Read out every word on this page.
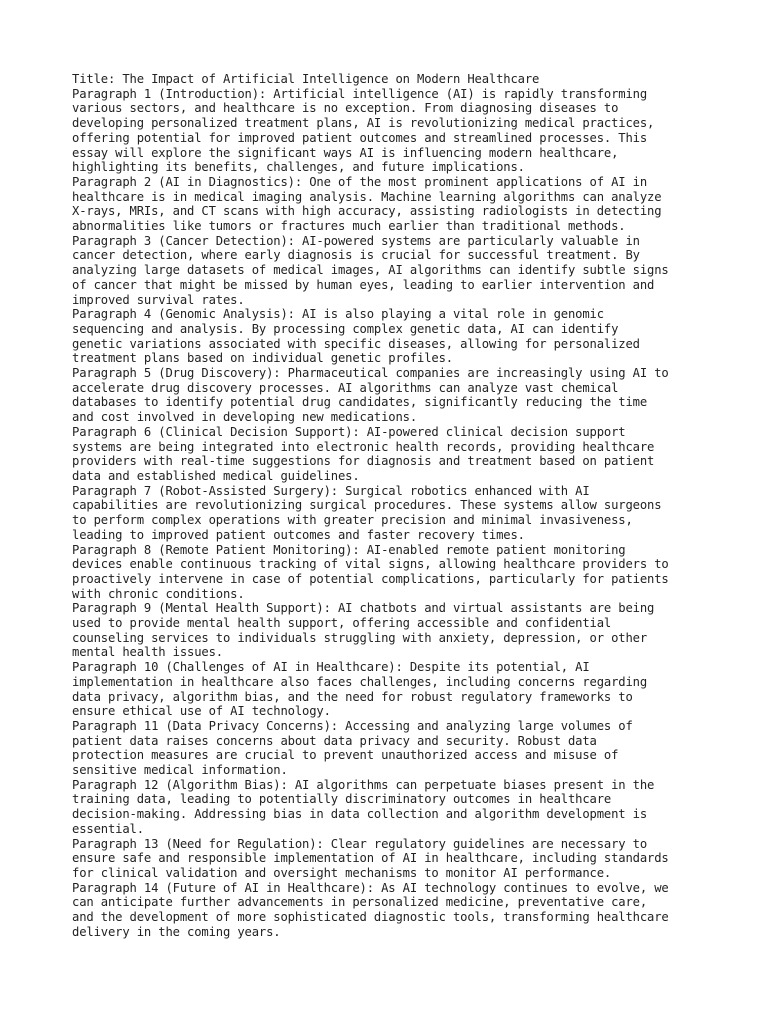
Title: The Impact of Artificial Intelligence on Modern Healthcare
Paragraph 1 (Introduction): Artificial intelligence (AI) is rapidly transforming
various sectors, and healthcare is no exception. From diagnosing diseases to
developing personalized treatment plans, AI is revolutionizing medical practices,
offering potential for improved patient outcomes and streamlined processes. This
essay will explore the significant ways AI is influencing modern healthcare,
highlighting its benefits, challenges, and future implications.
Paragraph 2 (AI in Diagnostics): One of the most prominent applications of AI in
healthcare is in medical imaging analysis. Machine learning algorithms can analyze
X-rays, MRIs, and CT scans with high accuracy, assisting radiologists in detecting
abnormalities like tumors or fractures much earlier than traditional methods.
Paragraph 3 (Cancer Detection): AI-powered systems are particularly valuable in
cancer detection, where early diagnosis is crucial for successful treatment. By
analyzing large datasets of medical images, AI algorithms can identify subtle signs
of cancer that might be missed by human eyes, leading to earlier intervention and
improved survival rates.
Paragraph 4 (Genomic Analysis): AI is also playing a vital role in genomic
sequencing and analysis. By processing complex genetic data, AI can identify
genetic variations associated with specific diseases, allowing for personalized
treatment plans based on individual genetic profiles.
Paragraph 5 (Drug Discovery): Pharmaceutical companies are increasingly using AI to
accelerate drug discovery processes. AI algorithms can analyze vast chemical
databases to identify potential drug candidates, significantly reducing the time
and cost involved in developing new medications.
Paragraph 6 (Clinical Decision Support): AI-powered clinical decision support
systems are being integrated into electronic health records, providing healthcare
providers with real-time suggestions for diagnosis and treatment based on patient
data and established medical guidelines.
Paragraph 7 (Robot-Assisted Surgery): Surgical robotics enhanced with AI
capabilities are revolutionizing surgical procedures. These systems allow surgeons
to perform complex operations with greater precision and minimal invasiveness,
leading to improved patient outcomes and faster recovery times.
Paragraph 8 (Remote Patient Monitoring): AI-enabled remote patient monitoring
devices enable continuous tracking of vital signs, allowing healthcare providers to
proactively intervene in case of potential complications, particularly for patients
with chronic conditions.
Paragraph 9 (Mental Health Support): AI chatbots and virtual assistants are being
used to provide mental health support, offering accessible and confidential
counseling services to individuals struggling with anxiety, depression, or other
mental health issues.
Paragraph 10 (Challenges of AI in Healthcare): Despite its potential, AI
implementation in healthcare also faces challenges, including concerns regarding
data privacy, algorithm bias, and the need for robust regulatory frameworks to
ensure ethical use of AI technology.
Paragraph 11 (Data Privacy Concerns): Accessing and analyzing large volumes of
patient data raises concerns about data privacy and security. Robust data
protection measures are crucial to prevent unauthorized access and misuse of
sensitive medical information.
Paragraph 12 (Algorithm Bias): AI algorithms can perpetuate biases present in the
training data, leading to potentially discriminatory outcomes in healthcare
decision-making. Addressing bias in data collection and algorithm development is
essential.
Paragraph 13 (Need for Regulation): Clear regulatory guidelines are necessary to
ensure safe and responsible implementation of AI in healthcare, including standards
for clinical validation and oversight mechanisms to monitor AI performance.
Paragraph 14 (Future of AI in Healthcare): As AI technology continues to evolve, we
can anticipate further advancements in personalized medicine, preventative care,
and the development of more sophisticated diagnostic tools, transforming healthcare
delivery in the coming years.
